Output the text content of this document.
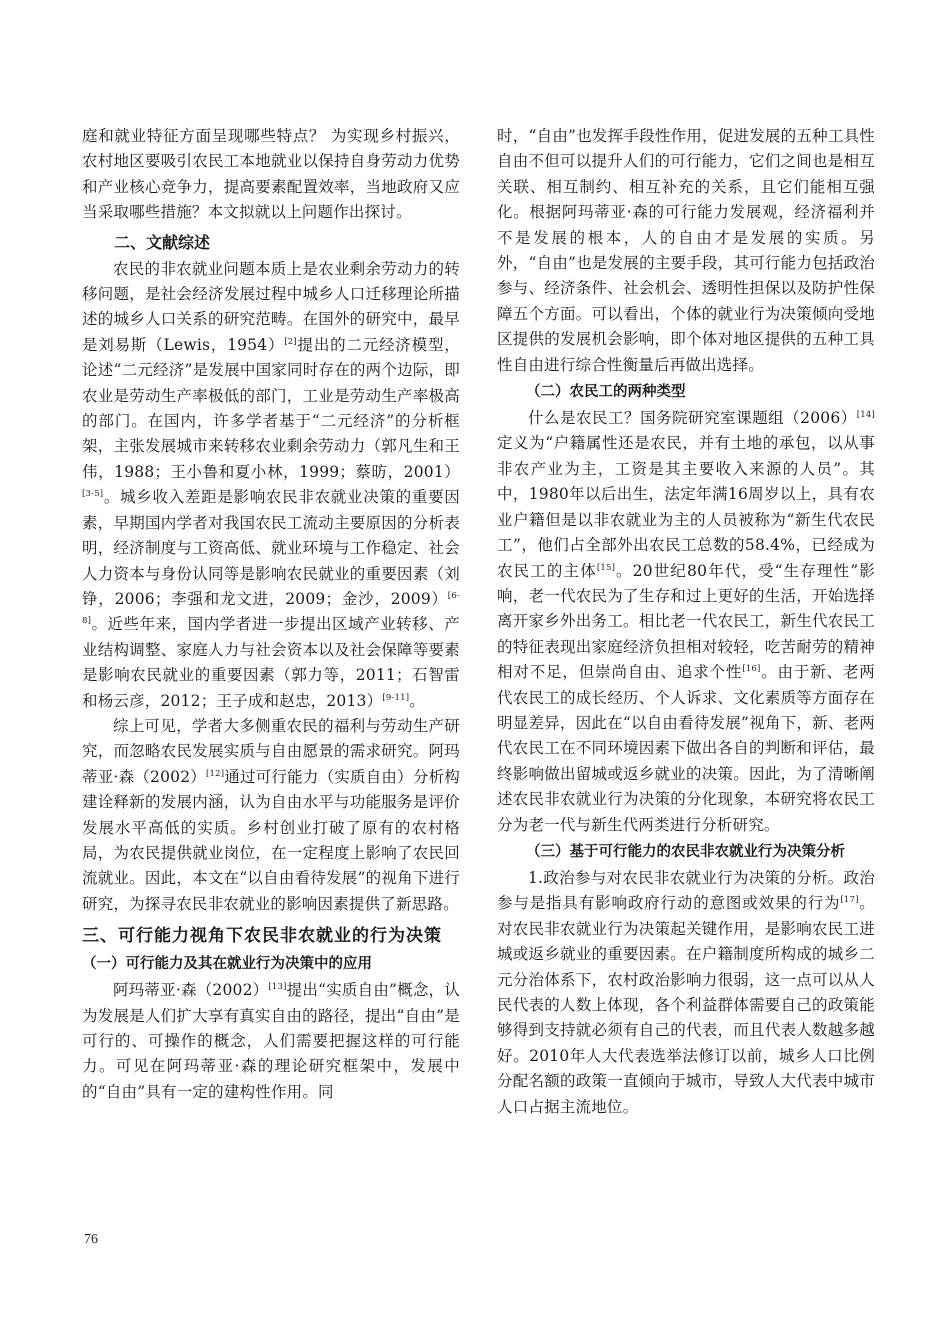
庭和就业特征方面呈现哪些特点？ 为实现乡村振兴，农村地区要吸引农民工本地就业以保持自身劳动力优势和产业核心竞争力，提高要素配置效率，当地政府又应当采取哪些措施？本文拟就以上问题作出探讨。

二、文献综述

农民的非农就业问题本质上是农业剩余劳动力的转移问题，是社会经济发展过程中城乡人口迁移理论所描述的城乡人口关系的研究范畴。在国外的研究中，最早是刘易斯（Lewis，1954）[2]提出的二元经济模型，论述“二元经济”是发展中国家同时存在的两个边际，即农业是劳动生产率极低的部门，工业是劳动生产率极高的部门。在国内，许多学者基于“二元经济”的分析框架，主张发展城市来转移农业剩余劳动力（郭凡生和王伟，1988；王小鲁和夏小林，1999；蔡昉，2001）[3-5]。城乡收入差距是影响农民非农就业决策的重要因素，早期国内学者对我国农民工流动主要原因的分析表明，经济制度与工资高低、就业环境与工作稳定、社会人力资本与身份认同等是影响农民就业的重要因素（刘铮，2006；李强和龙文进，2009；金沙，2009）[6-8]。近些年来，国内学者进一步提出区域产业转移、产业结构调整、家庭人力与社会资本以及社会保障等要素是影响农民就业的重要因素（郭力等，2011；石智雷和杨云彦，2012；王子成和赵忠，2013）[9-11]。

综上可见，学者大多侧重农民的福利与劳动生产研究，而忽略农民发展实质与自由愿景的需求研究。阿玛蒂亚·森（2002）[12]通过可行能力（实质自由）分析构建诠释新的发展内涵，认为自由水平与功能服务是评价发展水平高低的实质。乡村创业打破了原有的农村格局，为农民提供就业岗位，在一定程度上影响了农民回流就业。因此，本文在“以自由看待发展”的视角下进行研究，为探寻农民非农就业的影响因素提供了新思路。

三、可行能力视角下农民非农就业的行为决策
（一）可行能力及其在就业行为决策中的应用

阿玛蒂亚·森（2002）[13]提出“实质自由”概念，认为发展是人们扩大享有真实自由的路径，提出“自由”是可行的、可操作的概念，人们需要把握这样的可行能力。可见在阿玛蒂亚·森的理论研究框架中，发展中的“自由”具有一定的建构性作用。同

时，“自由”也发挥手段性作用，促进发展的五种工具性自由不但可以提升人们的可行能力，它们之间也是相互关联、相互制约、相互补充的关系，且它们能相互强化。根据阿玛蒂亚·森的可行能力发展观，经济福利并不是发展的根本，人的自由才是发展的实质。另外，“自由”也是发展的主要手段，其可行能力包括政治参与、经济条件、社会机会、透明性担保以及防护性保障五个方面。可以看出，个体的就业行为决策倾向受地区提供的发展机会影响，即个体对地区提供的五种工具性自由进行综合性衡量后再做出选择。

（二）农民工的两种类型

什么是农民工？国务院研究室课题组（2006）[14]定义为“户籍属性还是农民，并有土地的承包，以从事非农产业为主，工资是其主要收入来源的人员”。其中，1980年以后出生，法定年满16周岁以上，具有农业户籍但是以非农就业为主的人员被称为“新生代农民工”，他们占全部外出农民工总数的58.4%，已经成为农民工的主体[15]。20世纪80年代，受“生存理性”影响，老一代农民为了生存和过上更好的生活，开始选择离开家乡外出务工。相比老一代农民工，新生代农民工的特征表现出家庭经济负担相对较轻，吃苦耐劳的精神相对不足，但崇尚自由、追求个性[16]。由于新、老两代农民工的成长经历、个人诉求、文化素质等方面存在明显差异，因此在“以自由看待发展”视角下，新、老两代农民工在不同环境因素下做出各自的判断和评估，最终影响做出留城或返乡就业的决策。因此，为了清晰阐述农民非农就业行为决策的分化现象，本研究将农民工分为老一代与新生代两类进行分析研究。

（三）基于可行能力的农民非农就业行为决策分析

1.政治参与对农民非农就业行为决策的分析。政治参与是指具有影响政府行动的意图或效果的行为[17]。对农民非农就业行为决策起关键作用，是影响农民工进城或返乡就业的重要因素。在户籍制度所构成的城乡二元分治体系下，农村政治影响力很弱，这一点可以从人民代表的人数上体现，各个利益群体需要自己的政策能够得到支持就必须有自己的代表，而且代表人数越多越好。2010年人大代表选举法修订以前，城乡人口比例分配名额的政策一直倾向于城市，导致人大代表中城市人口占据主流地位。

76
